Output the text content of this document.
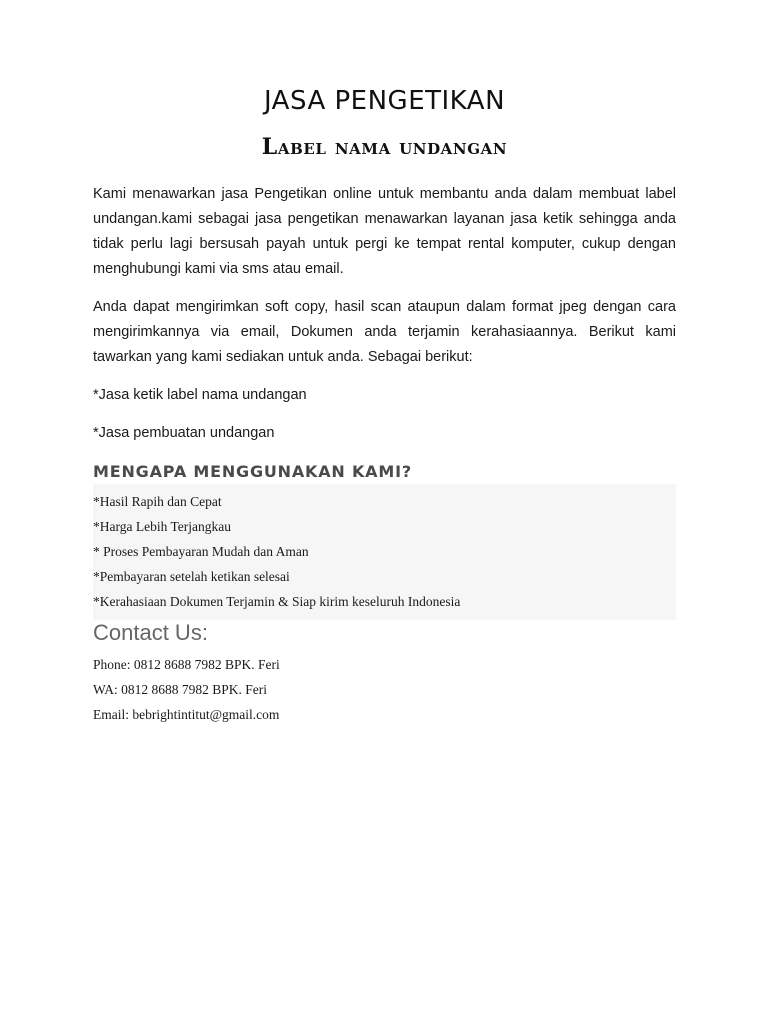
JASA PENGETIKAN
Label nama undangan

Kami menawarkan jasa Pengetikan online untuk membantu anda dalam membuat label undangan.kami sebagai jasa pengetikan menawarkan layanan jasa ketik sehingga anda tidak perlu lagi bersusah payah untuk pergi ke tempat rental komputer, cukup dengan menghubungi kami via sms atau email.

Anda dapat mengirimkan soft copy, hasil scan ataupun dalam format jpeg dengan cara mengirimkannya via email, Dokumen anda terjamin kerahasiaannya. Berikut kami tawarkan yang kami sediakan untuk anda. Sebagai berikut:

*Jasa ketik label nama undangan

*Jasa pembuatan undangan

MENGAPA MENGGUNAKAN KAMI?
*Hasil Rapih dan Cepat
*Harga Lebih Terjangkau
* Proses Pembayaran Mudah dan Aman
*Pembayaran setelah ketikan selesai
*Kerahasiaan Dokumen Terjamin & Siap kirim keseluruh Indonesia
Contact Us:
Phone: 0812 8688 7982 BPK. Feri
WA: 0812 8688 7982 BPK. Feri
Email: bebrightintitut@gmail.com
